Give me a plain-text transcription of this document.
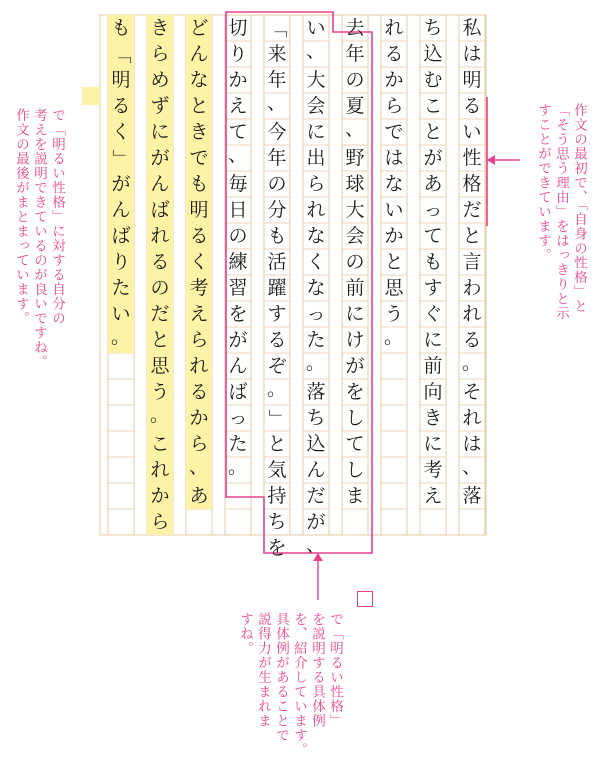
私
は
明
る
い
性
格
だ
と
言
わ
れ
る
。
そ
れ
は
、
落
ち
込
む
こ
と
が
あ
っ
て
も
す
ぐ
に
前
向
き
に
考
え
れ
る
か
ら
で
は
な
い
か
と
思
う
。
去
年
の
夏
、
野
球
大
会
の
前
に
け
が
を
し
て
し
ま
い
、
大
会
に
出
ら
れ
な
く
な
っ
た
。
落
ち
込
ん
だ
が
、
「
来
年
、
今
年
の
分
も
活
躍
す
る
ぞ
。
」
と
気
持
ち
を
切
り
か
え
て
、
毎
日
の
練
習
を
が
ん
ば
っ
た
。
ど
ん
な
と
き
で
も
明
る
く
考
え
ら
れ
る
か
ら
、
あ
き
ら
め
ず
に
が
ん
ば
れ
る
の
だ
と
思
う
。
こ
れ
か
ら
も
「
明
る
く
」
が
ん
ば
り
た
い
。
作文の最初で、「自身の性格」と
「そう思う理由」をはっきりと示
すことができています。
で「明るい性格」
を説明する具体例
を、紹介しています。
具体例があることで
説得力が生まれま
すね。
で「明るい性格」に対する自分の
考えを説明できているのが良いですね。
作文の最後がまとまっています。
